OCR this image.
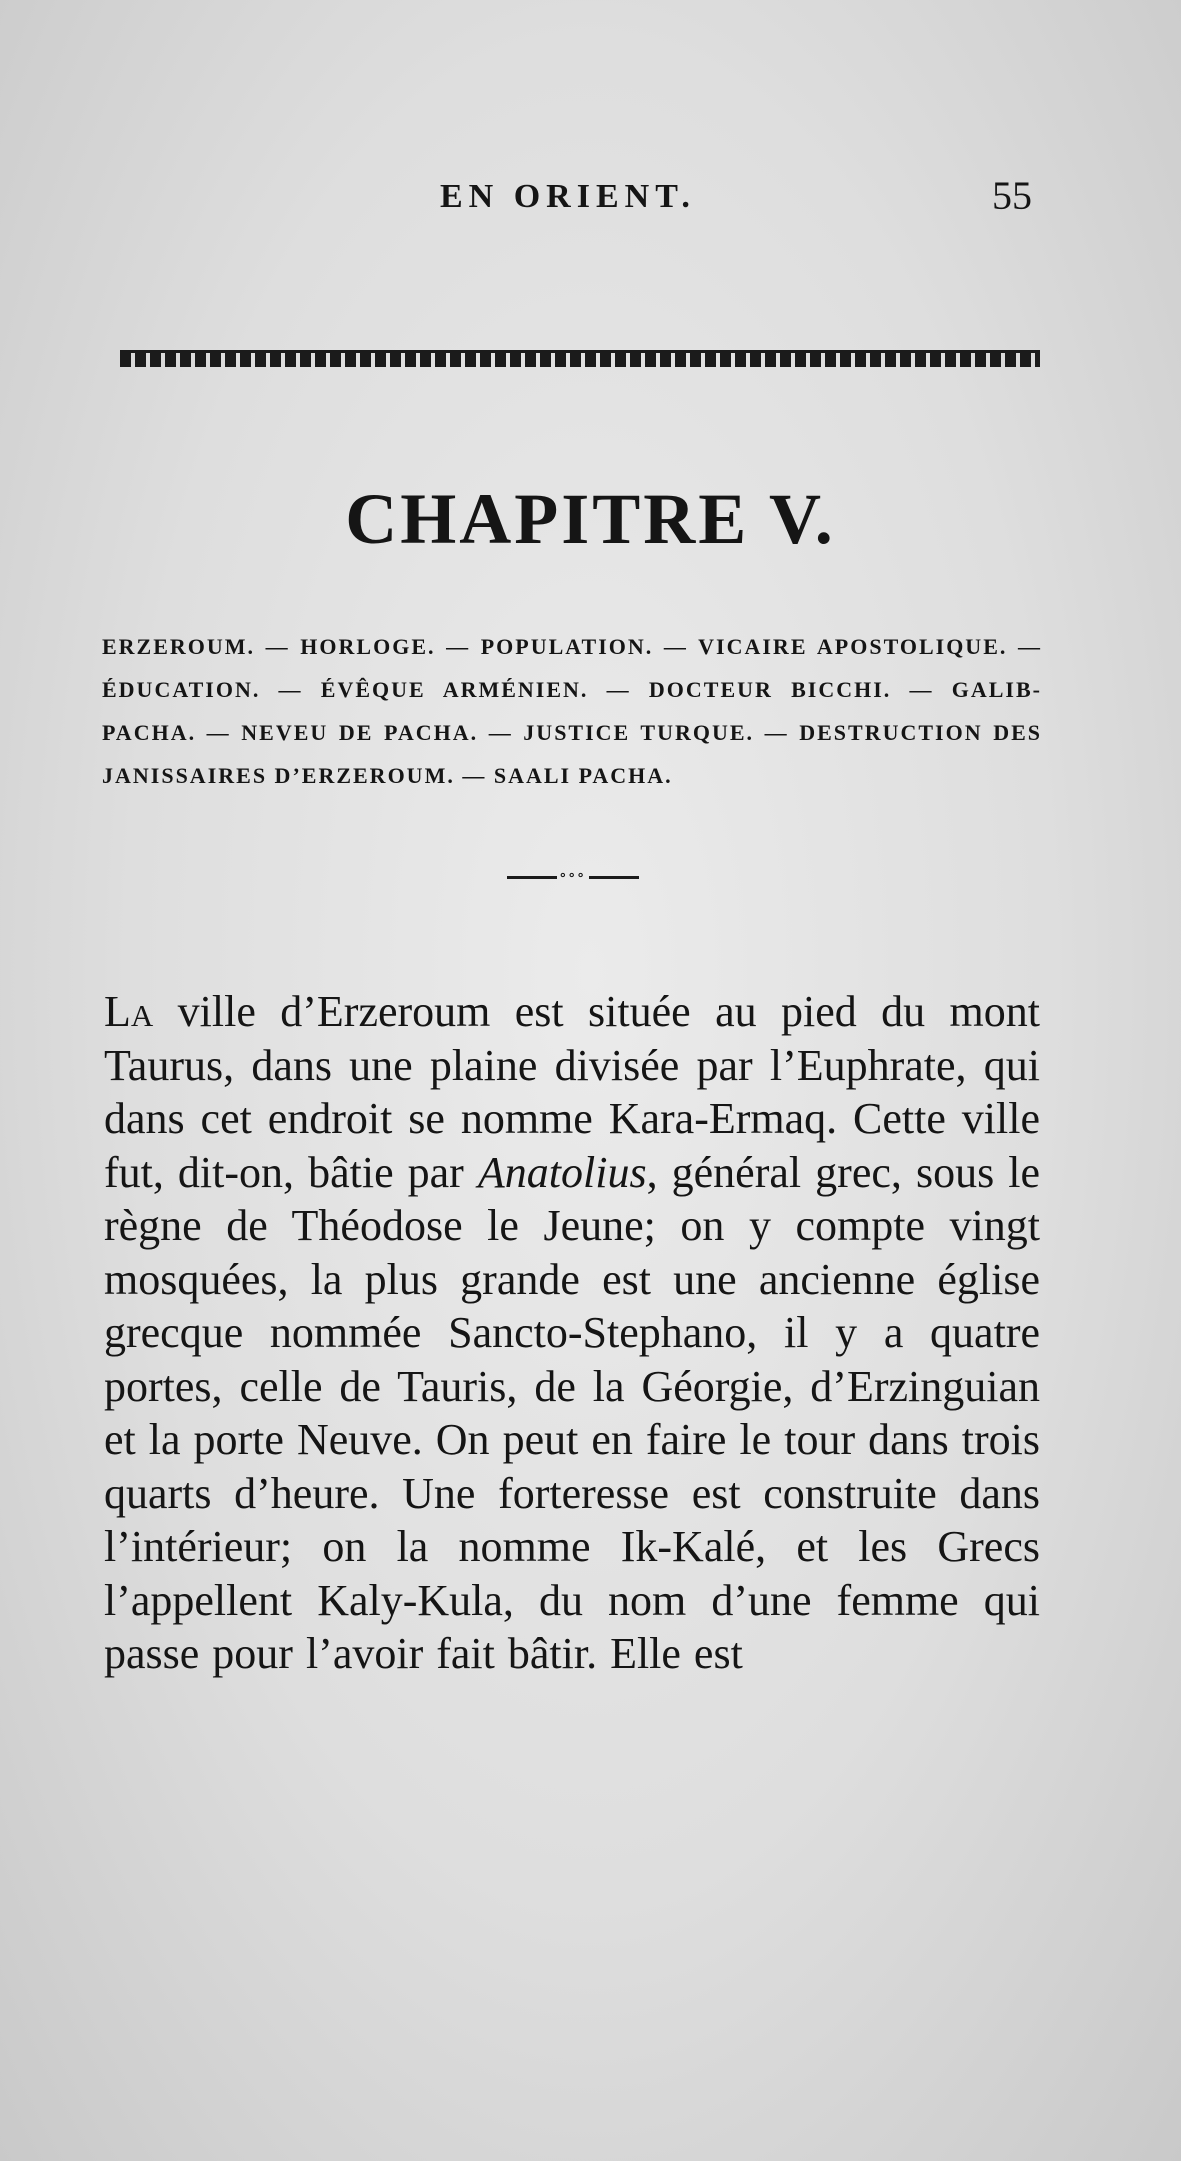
EN ORIENT.	55
CHAPITRE V.
ERZEROUM. — HORLOGE. — POPULATION. — VICAIRE APOSTOLIQUE. — ÉDUCATION. — ÉVÊQUE ARMÉNIEN. — DOCTEUR BICCHI. — GALIB-PACHA. — NEVEU DE PACHA. — JUSTICE TURQUE. — DESTRUCTION DES JANISSAIRES D’ERZEROUM. — SAALI PACHA.
∘∘∘
La ville d’Erzeroum est située au pied du mont Taurus, dans une plaine divisée par l’Euphrate, qui dans cet endroit se nomme Kara-Ermaq. Cette ville fut, dit-on, bâtie par Anatolius, général grec, sous le règne de Théodose le Jeune; on y compte vingt mosquées, la plus grande est une ancienne église grecque nommée Sancto-Stephano, il y a quatre portes, celle de Tauris, de la Géorgie, d’Erzinguian et la porte Neuve. On peut en faire le tour dans trois quarts d’heure. Une forteresse est construite dans l’intérieur; on la nomme Ik-Kalé, et les Grecs l’appellent Kaly-Kula, du nom d’une femme qui passe pour l’avoir fait bâtir. Elle est
